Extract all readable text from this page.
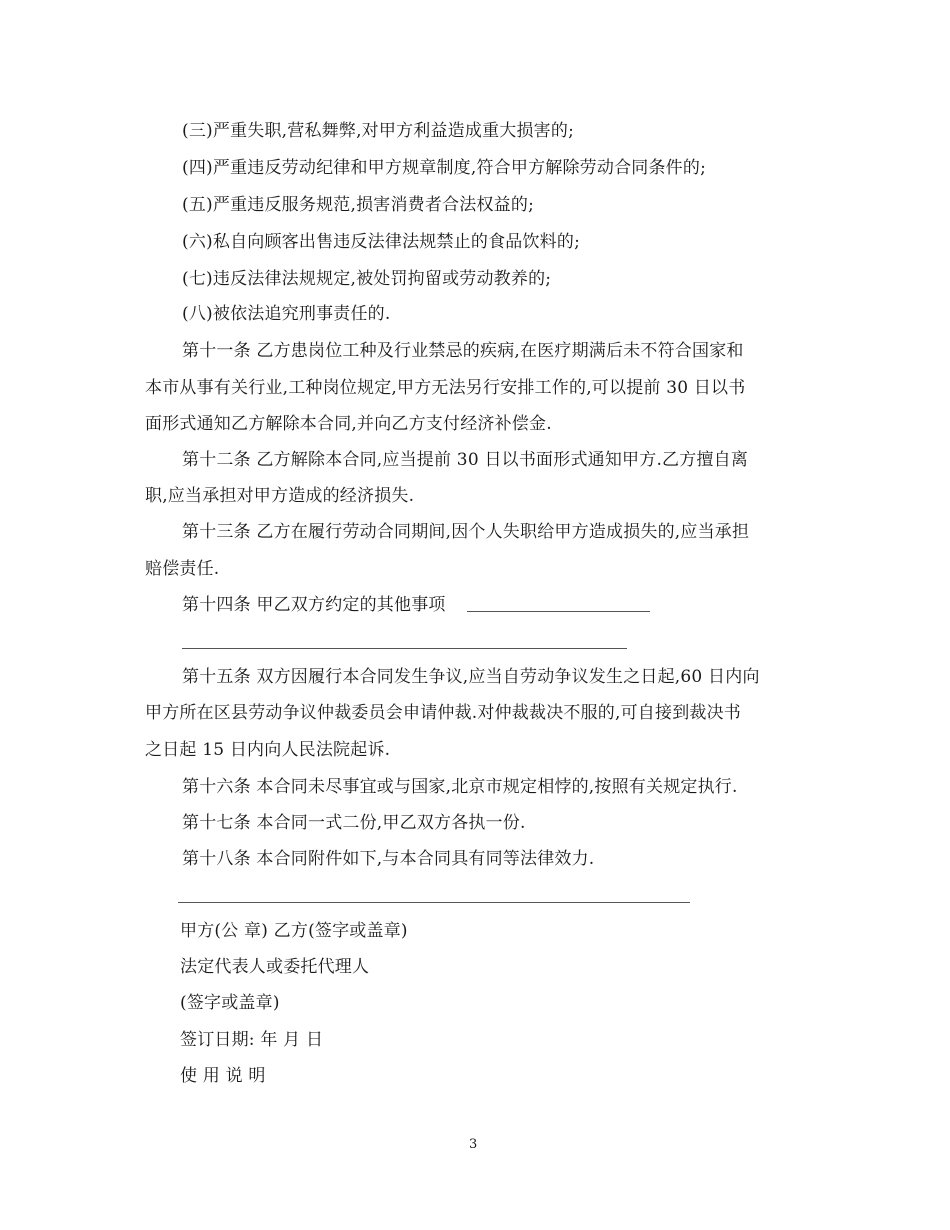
(三)严重失职,营私舞弊,对甲方利益造成重大损害的;
(四)严重违反劳动纪律和甲方规章制度,符合甲方解除劳动合同条件的;
(五)严重违反服务规范,损害消费者合法权益的;
(六)私自向顾客出售违反法律法规禁止的食品饮料的;
(七)违反法律法规规定,被处罚拘留或劳动教养的;
(八)被依法追究刑事责任的.
第十一条 乙方患岗位工种及行业禁忌的疾病,在医疗期满后未不符合国家和
本市从事有关行业,工种岗位规定,甲方无法另行安排工作的,可以提前 30 日以书
面形式通知乙方解除本合同,并向乙方支付经济补偿金.
第十二条 乙方解除本合同,应当提前 30 日以书面形式通知甲方.乙方擅自离
职,应当承担对甲方造成的经济损失.
第十三条 乙方在履行劳动合同期间,因个人失职给甲方造成损失的,应当承担
赔偿责任.
第十四条 甲乙双方约定的其他事项
第十五条 双方因履行本合同发生争议,应当自劳动争议发生之日起,60 日内向
甲方所在区县劳动争议仲裁委员会申请仲裁.对仲裁裁决不服的,可自接到裁决书
之日起 15 日内向人民法院起诉.
第十六条 本合同未尽事宜或与国家,北京市规定相悖的,按照有关规定执行.
第十七条 本合同一式二份,甲乙双方各执一份.
第十八条 本合同附件如下,与本合同具有同等法律效力.
甲方(公 章) 乙方(签字或盖章)
法定代表人或委托代理人
(签字或盖章)
签订日期: 年 月 日
使 用 说 明
3
